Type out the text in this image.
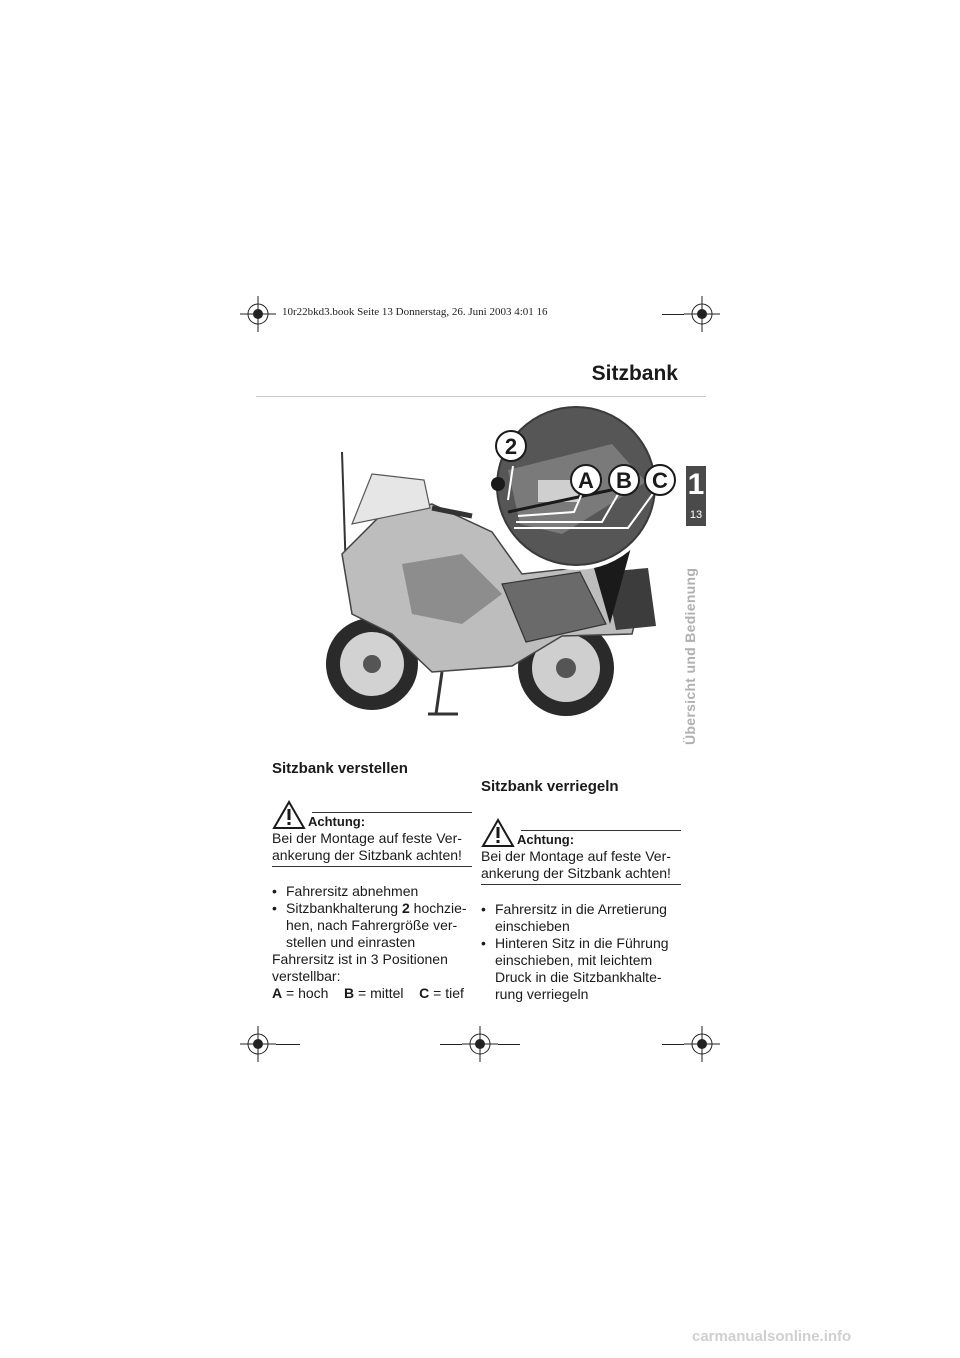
10r22bkd3.book Seite 13 Donnerstag, 26. Juni 2003 4:01 16
Sitzbank
1
13
Übersicht und Bedienung
2
A B C
Sitzbank verstellen
Achtung:
Bei der Montage auf feste Ver-
ankerung der Sitzbank achten!
• Fahrersitz abnehmen
• Sitzbankhalterung 2 hochzie-
hen, nach Fahrergröße ver-
stellen und einrasten
Fahrersitz ist in 3 Positionen
verstellbar:
A = hoch B = mittel C = tief
Sitzbank verriegeln
Achtung:
Bei der Montage auf feste Ver-
ankerung der Sitzbank achten!
• Fahrersitz in die Arretierung
einschieben
• Hinteren Sitz in die Führung
einschieben, mit leichtem
Druck in die Sitzbankhalte-
rung verriegeln
carmanualsonline.info
